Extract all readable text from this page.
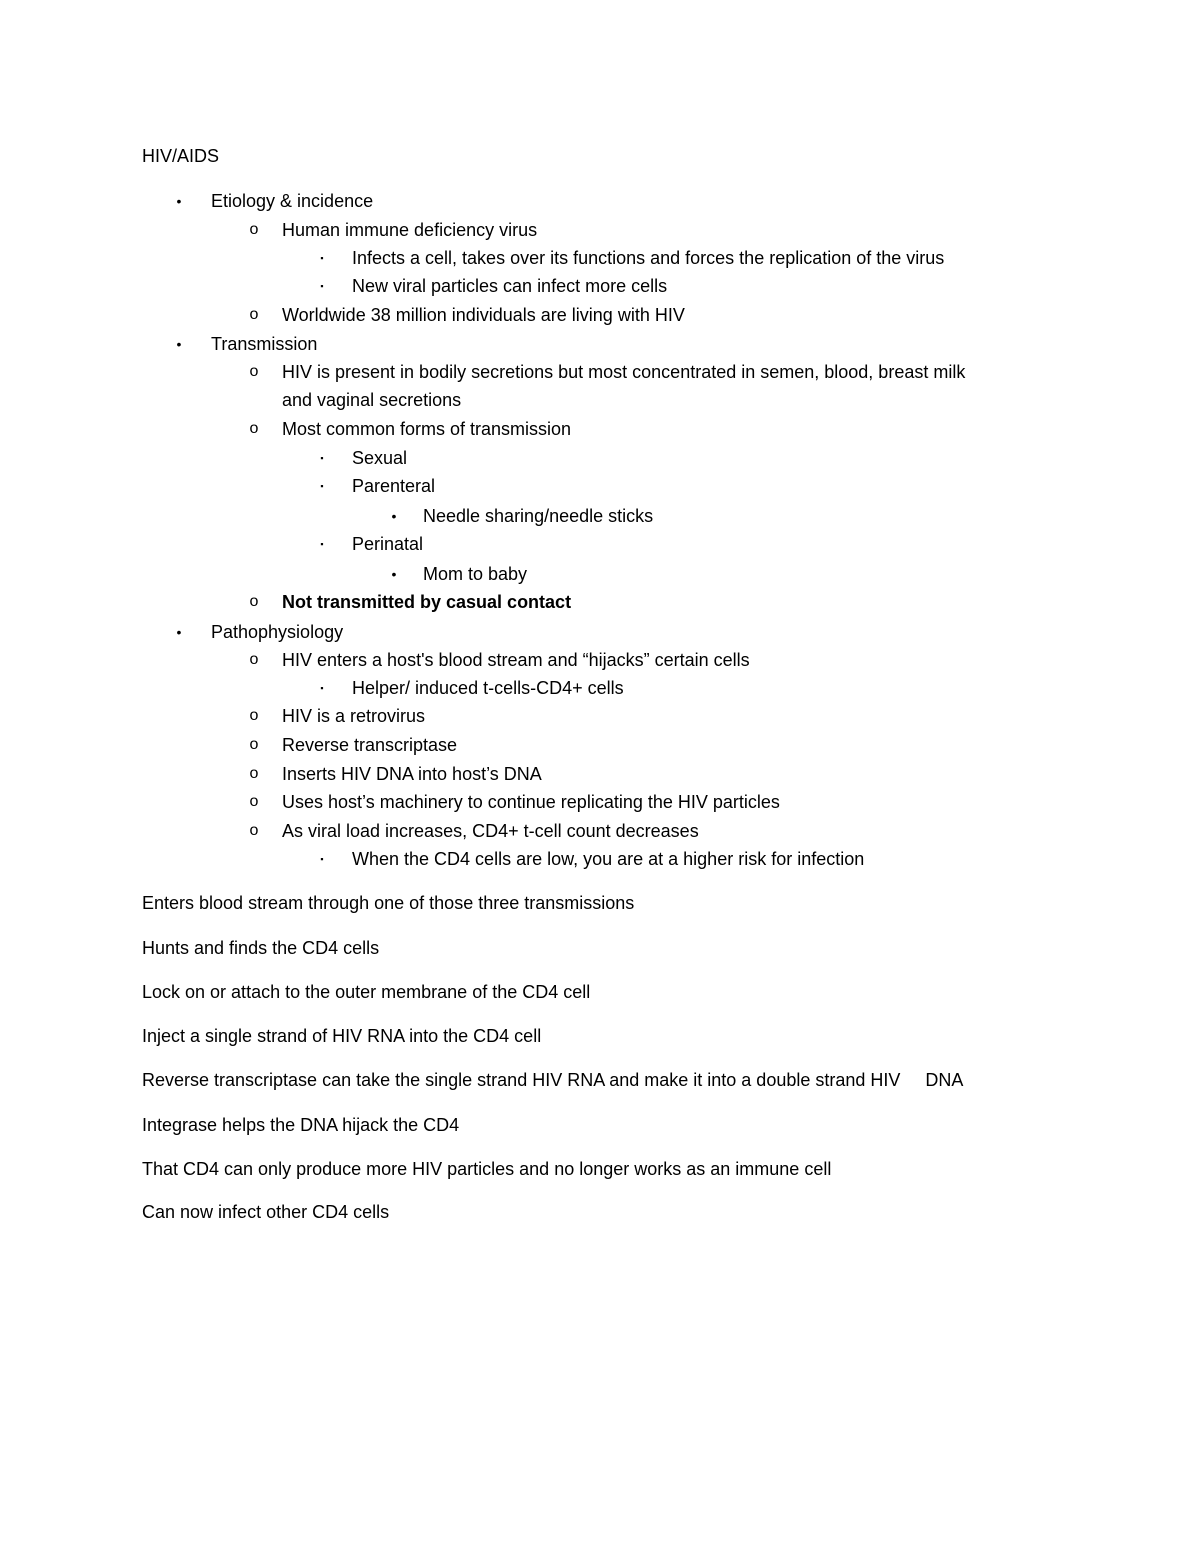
HIV/AIDS
•	Etiology & incidence
o Human immune deficiency virus
▪	Infects a cell, takes over its functions and forces the replication of the virus
▪	New viral particles can infect more cells
o Worldwide 38 million individuals are living with HIV
•	Transmission
o HIV is present in bodily secretions but most concentrated in semen, blood, breast milk
and vaginal secretions
o Most common forms of transmission
▪	Sexual
▪	Parenteral
•	Needle sharing/needle sticks
▪	Perinatal
•	Mom to baby
o Not transmitted by casual contact
•	Pathophysiology
o HIV enters a host's blood stream and “hijacks” certain cells
▪	Helper/ induced t-cells-CD4+ cells
o HIV is a retrovirus
o Reverse transcriptase
o Inserts HIV DNA into host’s DNA
o Uses host’s machinery to continue replicating the HIV particles
o As viral load increases, CD4+ t-cell count decreases
▪	When the CD4 cells are low, you are at a higher risk for infection
Enters blood stream through one of those three transmissions
Hunts and finds the CD4 cells
Lock on or attach to the outer membrane of the CD4 cell
Inject a single strand of HIV RNA into the CD4 cell
Reverse transcriptase can take the single strand HIV RNA and make it into a double strand HIV     DNA
Integrase helps the DNA hijack the CD4
That CD4 can only produce more HIV particles and no longer works as an immune cell
Can now infect other CD4 cells
